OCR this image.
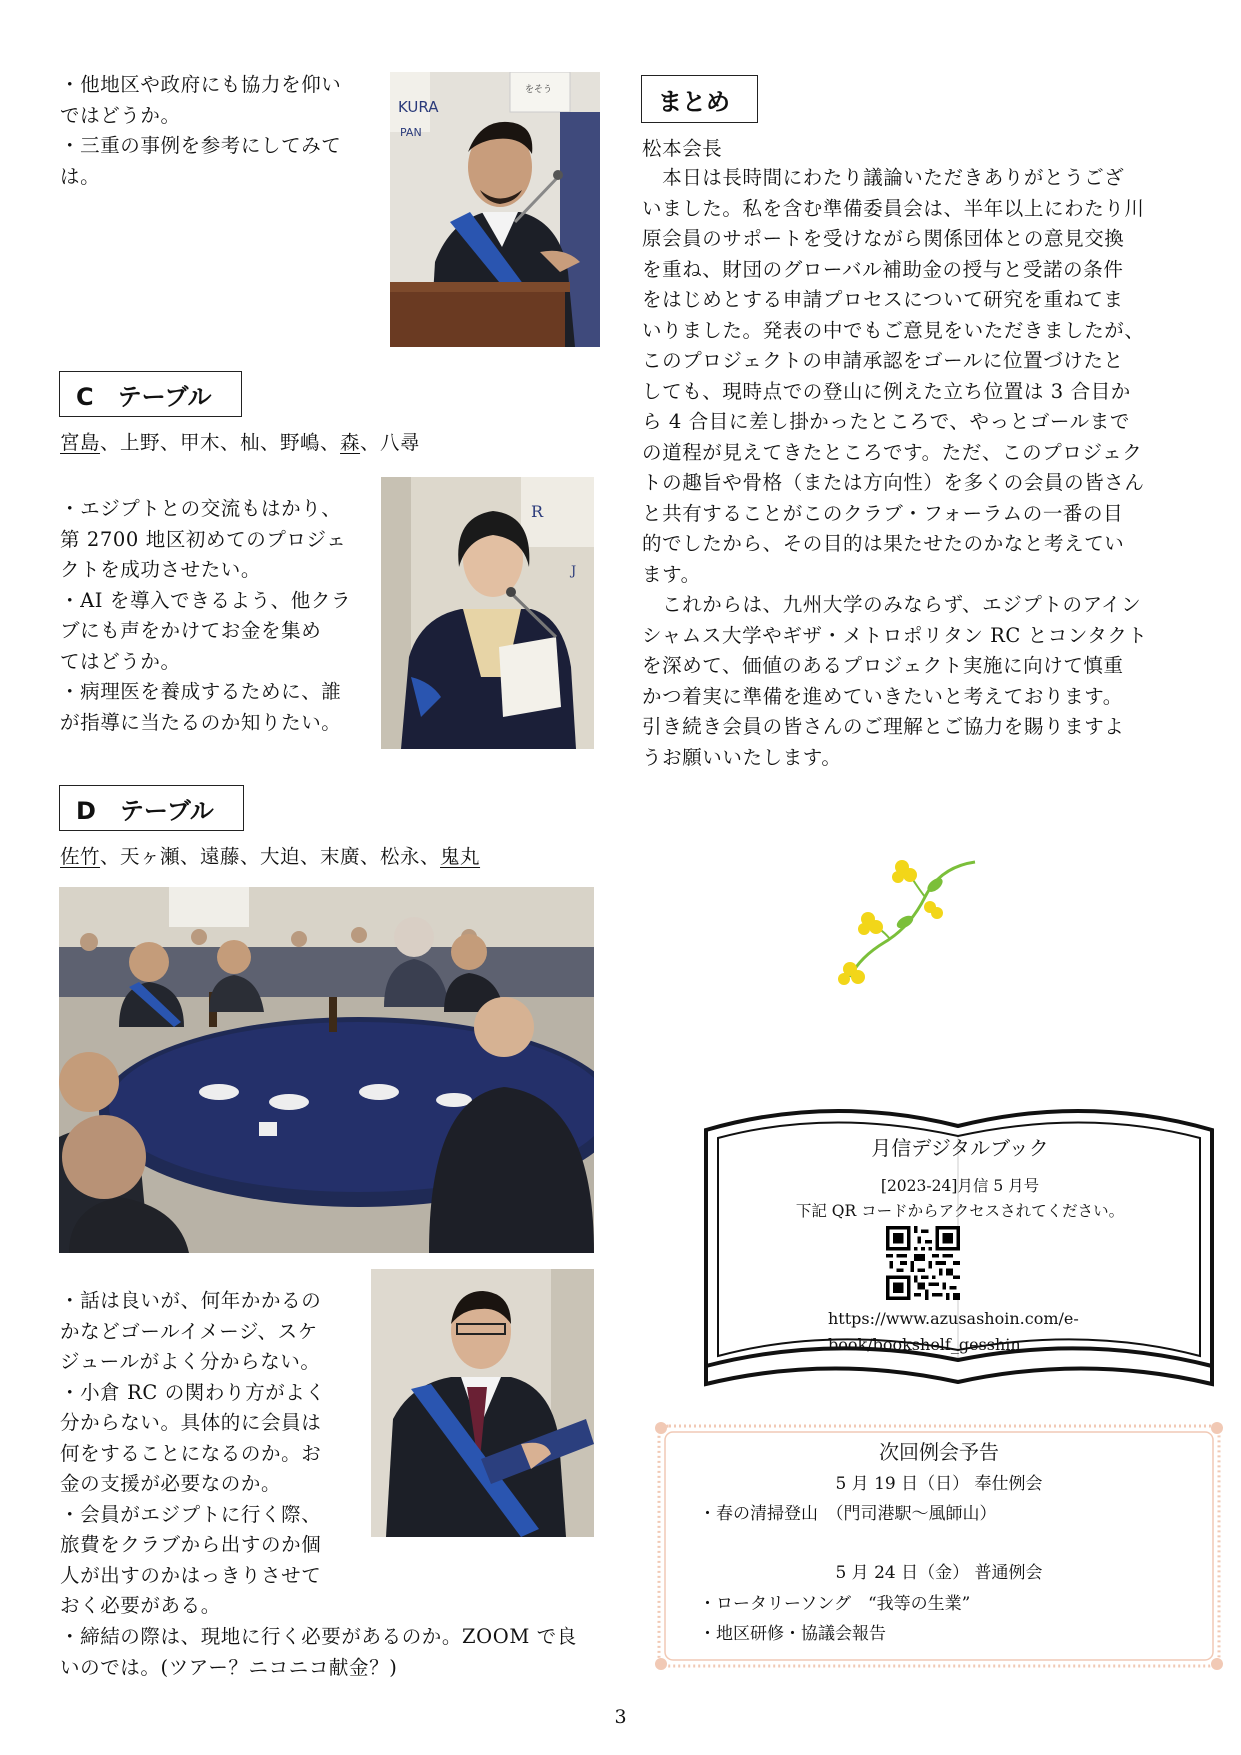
・他地区や政府にも協力を仰い
ではどうか。
・三重の事例を参考にしてみて
は。
KURA
PAN
をそう
C　テーブル
宮島、上野、甲木、杣、野嶋、森、八尋
・エジプトとの交流もはかり、
第 2700 地区初めてのプロジェ
クトを成功させたい。
・AI を導入できるよう、他クラ
ブにも声をかけてお金を集め
てはどうか。
・病理医を養成するために、誰
が指導に当たるのか知りたい。
R
J
D　テーブル
佐竹、天ヶ瀬、遠藤、大迫、末廣、松永、鬼丸
・話は良いが、何年かかるの
かなどゴールイメージ、スケ
ジュールがよく分からない。
・小倉 RC の関わり方がよく
分からない。具体的に会員は
何をすることになるのか。お
金の支援が必要なのか。
・会員がエジプトに行く際、
旅費をクラブから出すのか個
人が出すのかはっきりさせて
おく必要がある。
・締結の際は、現地に行く必要があるのか。ZOOM で良
いのでは。(ツアー？ニコニコ献金？)
まとめ
松本会長
　本日は長時間にわたり議論いただきありがとうござ
いました。私を含む準備委員会は、半年以上にわたり川
原会員のサポートを受けながら関係団体との意見交換
を重ね、財団のグローバル補助金の授与と受諾の条件
をはじめとする申請プロセスについて研究を重ねてま
いりました。発表の中でもご意見をいただきましたが、
このプロジェクトの申請承認をゴールに位置づけたと
しても、現時点での登山に例えた立ち位置は 3 合目か
ら 4 合目に差し掛かったところで、やっとゴールまで
の道程が見えてきたところです。ただ、このプロジェク
トの趣旨や骨格（または方向性）を多くの会員の皆さん
と共有することがこのクラブ・フォーラムの一番の目
的でしたから、その目的は果たせたのかなと考えてい
ます。
　これからは、九州大学のみならず、エジプトのアイン
シャムス大学やギザ・メトロポリタン RC とコンタクト
を深めて、価値のあるプロジェクト実施に向けて慎重
かつ着実に準備を進めていきたいと考えております。
引き続き会員の皆さんのご理解とご協力を賜りますよ
うお願いいたします。
月信デジタルブック
[2023-24]月信 5 月号
下記 QR コードからアクセスされてください。
https://www.azusashoin.com/e-
book/bookshelf_gesshin
次回例会予告
5 月 19 日（日） 奉仕例会
・春の清掃登山　（門司港駅～風師山）
5 月 24 日（金） 普通例会
・ロータリーソング　“我等の生業”
・地区研修・協議会報告
3
